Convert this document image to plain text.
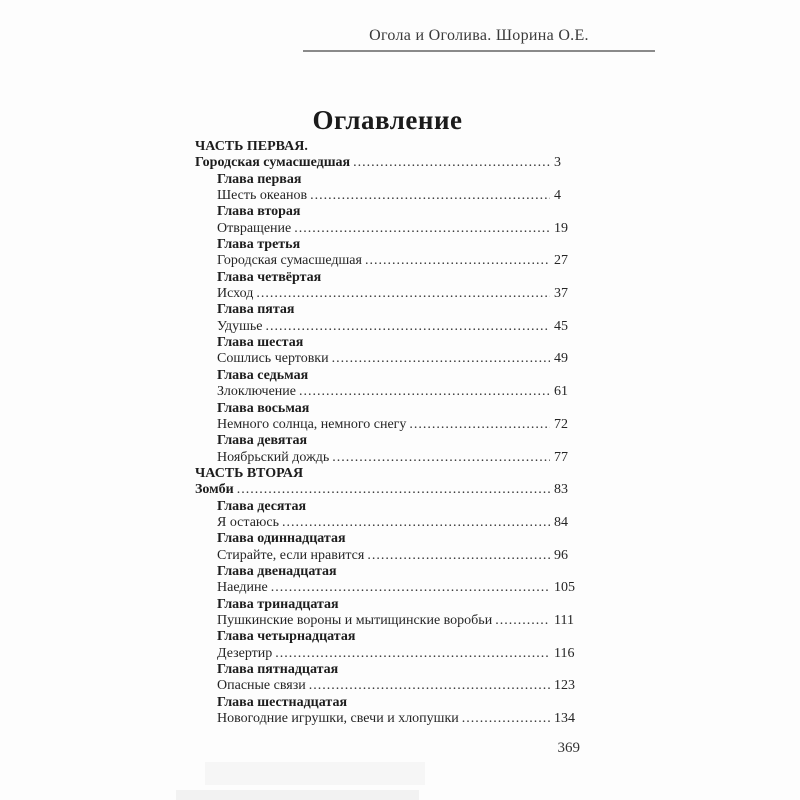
Огола и Оголива. Шорина О.Е.
Оглавление
ЧАСТЬ ПЕРВАЯ.
Городская сумасшедшая .....	3
Глава первая
Шесть океанов .....	4
Глава вторая
Отвращение .....	19
Глава третья
Городская сумасшедшая .....	27
Глава четвёртая
Исход .....	37
Глава пятая
Удушье .....	45
Глава шестая
Сошлись чертовки .....	49
Глава седьмая
Злоключение .....	61
Глава восьмая
Немного солнца, немного снегу .....	72
Глава девятая
Ноябрьский дождь .....	77
ЧАСТЬ ВТОРАЯ
Зомби .....	83
Глава десятая
Я остаюсь .....	84
Глава одиннадцатая
Стирайте, если нравится .....	96
Глава двенадцатая
Наедине .....	105
Глава тринадцатая
Пушкинские вороны и мытищинские воробьи .....	111
Глава четырнадцатая
Дезертир .....	116
Глава пятнадцатая
Опасные связи .....	123
Глава шестнадцатая
Новогодние игрушки, свечи и хлопушки .....	134
369
